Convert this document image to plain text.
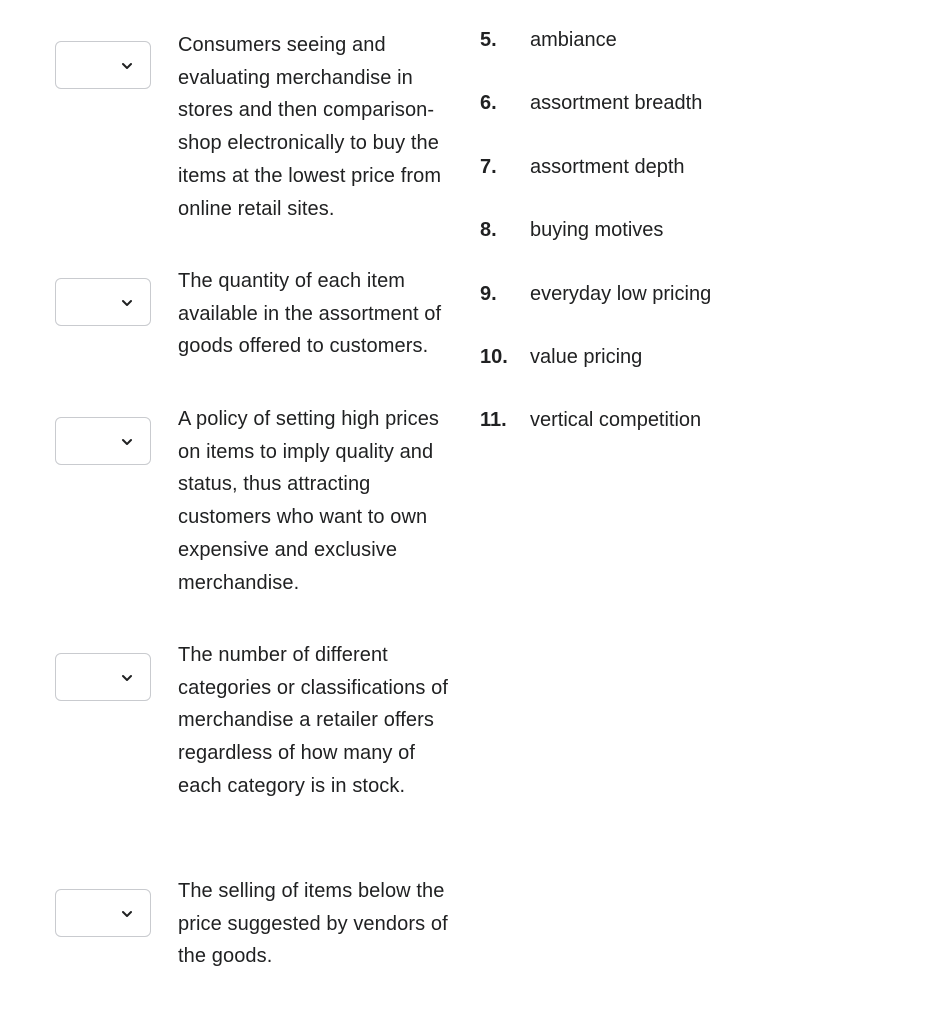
Consumers seeing and evaluating merchandise in stores and then comparison-shop electronically to buy the items at the lowest price from online retail sites.
The quantity of each item available in the assortment of goods offered to customers.
A policy of setting high prices on items to imply quality and status, thus attracting customers who want to own expensive and exclusive merchandise.
The number of different categories or classifications of merchandise a retailer offers regardless of how many of each category is in stock.
The selling of items below the price suggested by vendors of the goods.
5. ambiance
6. assortment breadth
7. assortment depth
8. buying motives
9. everyday low pricing
10. value pricing
11. vertical competition
